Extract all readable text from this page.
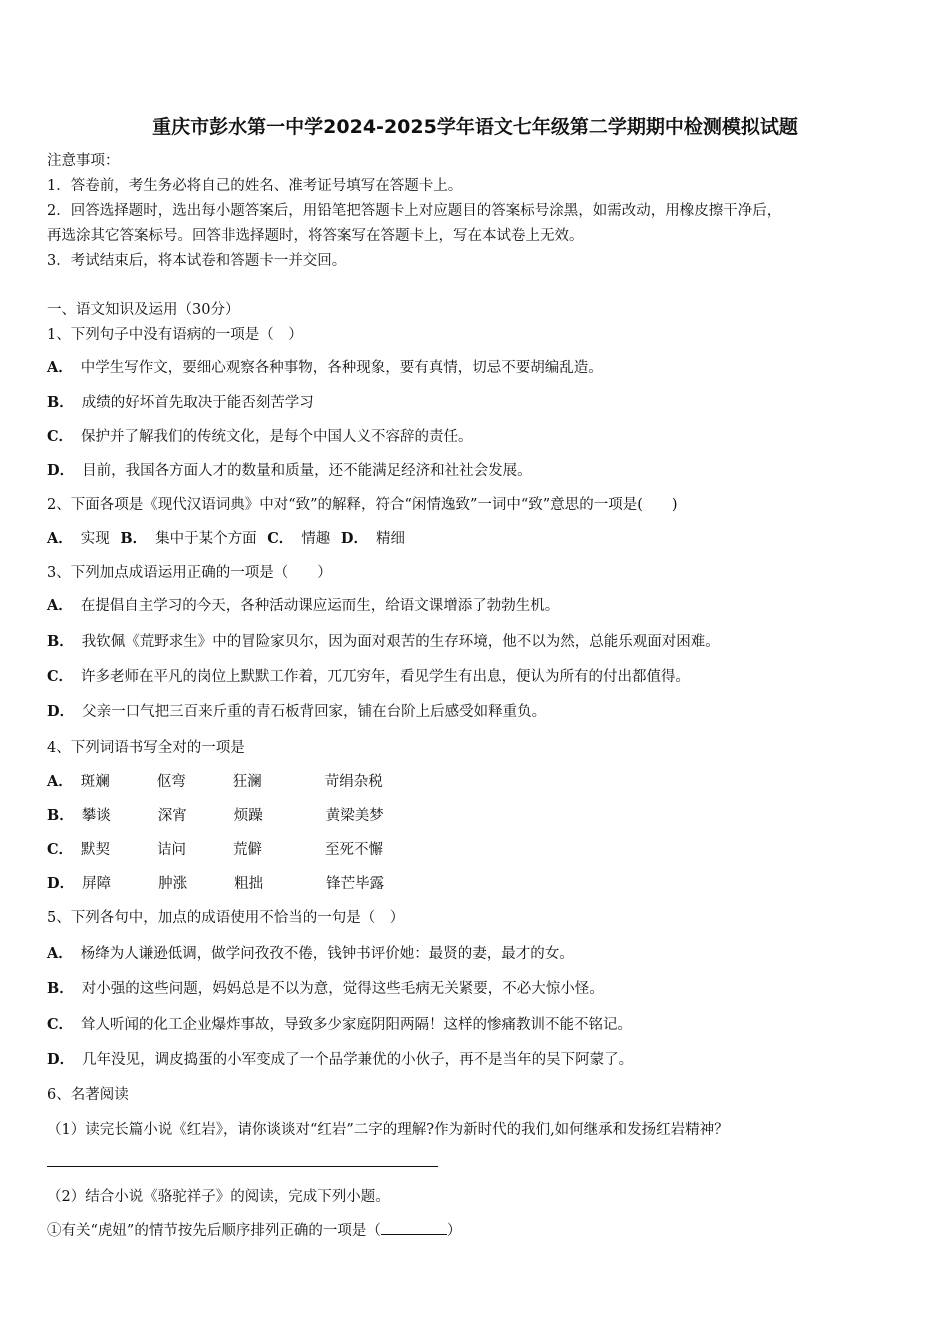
重庆市彭水第一中学2024-2025学年语文七年级第二学期期中检测模拟试题
注意事项：
1．答卷前，考生务必将自己的姓名、准考证号填写在答题卡上。
2．回答选择题时，选出每小题答案后，用铅笔把答题卡上对应题目的答案标号涂黑，如需改动，用橡皮擦干净后，
再选涂其它答案标号。回答非选择题时，将答案写在答题卡上，写在本试卷上无效。
3．考试结束后，将本试卷和答题卡一并交回。
一、语文知识及运用（30分）
1、下列句子中没有语病的一项是（　）
A． 中学生写作文，要细心观察各种事物，各种现象，要有真情，切忌不要胡编乱造。
B． 成绩的好坏首先取决于能否刻苦学习
C． 保护并了解我们的传统文化，是每个中国人义不容辞的责任。
D． 目前，我国各方面人才的数量和质量，还不能满足经济和社社会发展。
2、下面各项是《现代汉语词典》中对“致”的解释，符合“闲情逸致”一词中“致”意思的一项是(　　)
A． 实现 B． 集中于某个方面 C． 情趣 D． 精细
3、下列加点成语运用正确的一项是（　　）
A． 在提倡自主学习的今天，各种活动课应运而生，给语文课增添了勃勃生机。
B． 我钦佩《荒野求生》中的冒险家贝尔，因为面对艰苦的生存环境，他不以为然，总能乐观面对困难。
C． 许多老师在平凡的岗位上默默工作着，兀兀穷年，看见学生有出息，便认为所有的付出都值得。
D． 父亲一口气把三百来斤重的青石板背回家，铺在台阶上后感受如释重负。
4、下列词语书写全对的一项是
A． 斑斓	伛弯	狂澜	苛绢杂税
B． 攀谈	深宵	烦躁	黄梁美梦
C． 默契	诘问	荒僻	至死不懈
D． 屏障	肿涨	粗拙	锋芒毕露
5、下列各句中，加点的成语使用不恰当的一句是（　）
A． 杨绛为人谦逊低调，做学问孜孜不倦，钱钟书评价她：最贤的妻，最才的女。
B． 对小强的这些问题，妈妈总是不以为意，觉得这些毛病无关紧要，不必大惊小怪。
C． 耸人听闻的化工企业爆炸事故，导致多少家庭阴阳两隔！这样的惨痛教训不能不铭记。
D． 几年没见，调皮捣蛋的小军变成了一个品学兼优的小伙子，再不是当年的吴下阿蒙了。
6、名著阅读
（1）读完长篇小说《红岩》，请你谈谈对“红岩”二字的理解?作为新时代的我们,如何继承和发扬红岩精神？
（2）结合小说《骆驼祥子》的阅读，完成下列小题。
①有关“虎妞”的情节按先后顺序排列正确的一项是（	）
